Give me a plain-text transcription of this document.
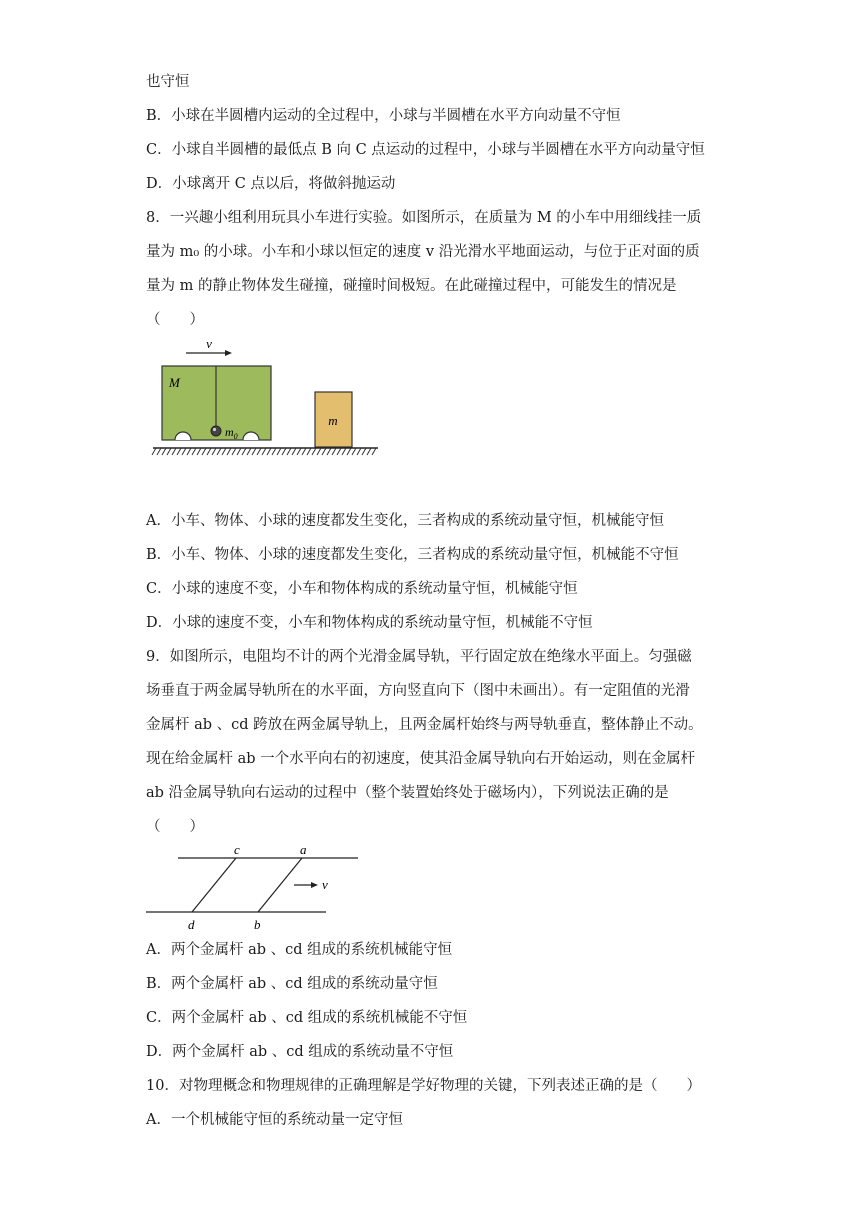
也守恒
B．小球在半圆槽内运动的全过程中，小球与半圆槽在水平方向动量不守恒
C．小球自半圆槽的最低点 B 向 C 点运动的过程中，小球与半圆槽在水平方向动量守恒
D．小球离开 C 点以后，将做斜抛运动
8．一兴趣小组利用玩具小车进行实验。如图所示，在质量为 M 的小车中用细线挂一质
量为 m₀ 的小球。小车和小球以恒定的速度 v 沿光滑水平地面运动，与位于正对面的质
量为 m 的静止物体发生碰撞，碰撞时间极短。在此碰撞过程中，可能发生的情况是
（　　）
v
M
$m_0$
m
A．小车、物体、小球的速度都发生变化，三者构成的系统动量守恒，机械能守恒
B．小车、物体、小球的速度都发生变化，三者构成的系统动量守恒，机械能不守恒
C．小球的速度不变，小车和物体构成的系统动量守恒，机械能守恒
D．小球的速度不变，小车和物体构成的系统动量守恒，机械能不守恒
9．如图所示，电阻均不计的两个光滑金属导轨，平行固定放在绝缘水平面上。匀强磁
场垂直于两金属导轨所在的水平面，方向竖直向下（图中未画出）。有一定阻值的光滑
金属杆 ab 、cd 跨放在两金属导轨上，且两金属杆始终与两导轨垂直，整体静止不动。
现在给金属杆 ab 一个水平向右的初速度，使其沿金属导轨向右开始运动，则在金属杆
ab 沿金属导轨向右运动的过程中（整个装置始终处于磁场内），下列说法正确的是
（　　）
c	a
d	b
v
A．两个金属杆 ab 、cd 组成的系统机械能守恒
B．两个金属杆 ab 、cd 组成的系统动量守恒
C．两个金属杆 ab 、cd 组成的系统机械能不守恒
D．两个金属杆 ab 、cd 组成的系统动量不守恒
10．对物理概念和物理规律的正确理解是学好物理的关键，下列表述正确的是（　　）
A．一个机械能守恒的系统动量一定守恒
